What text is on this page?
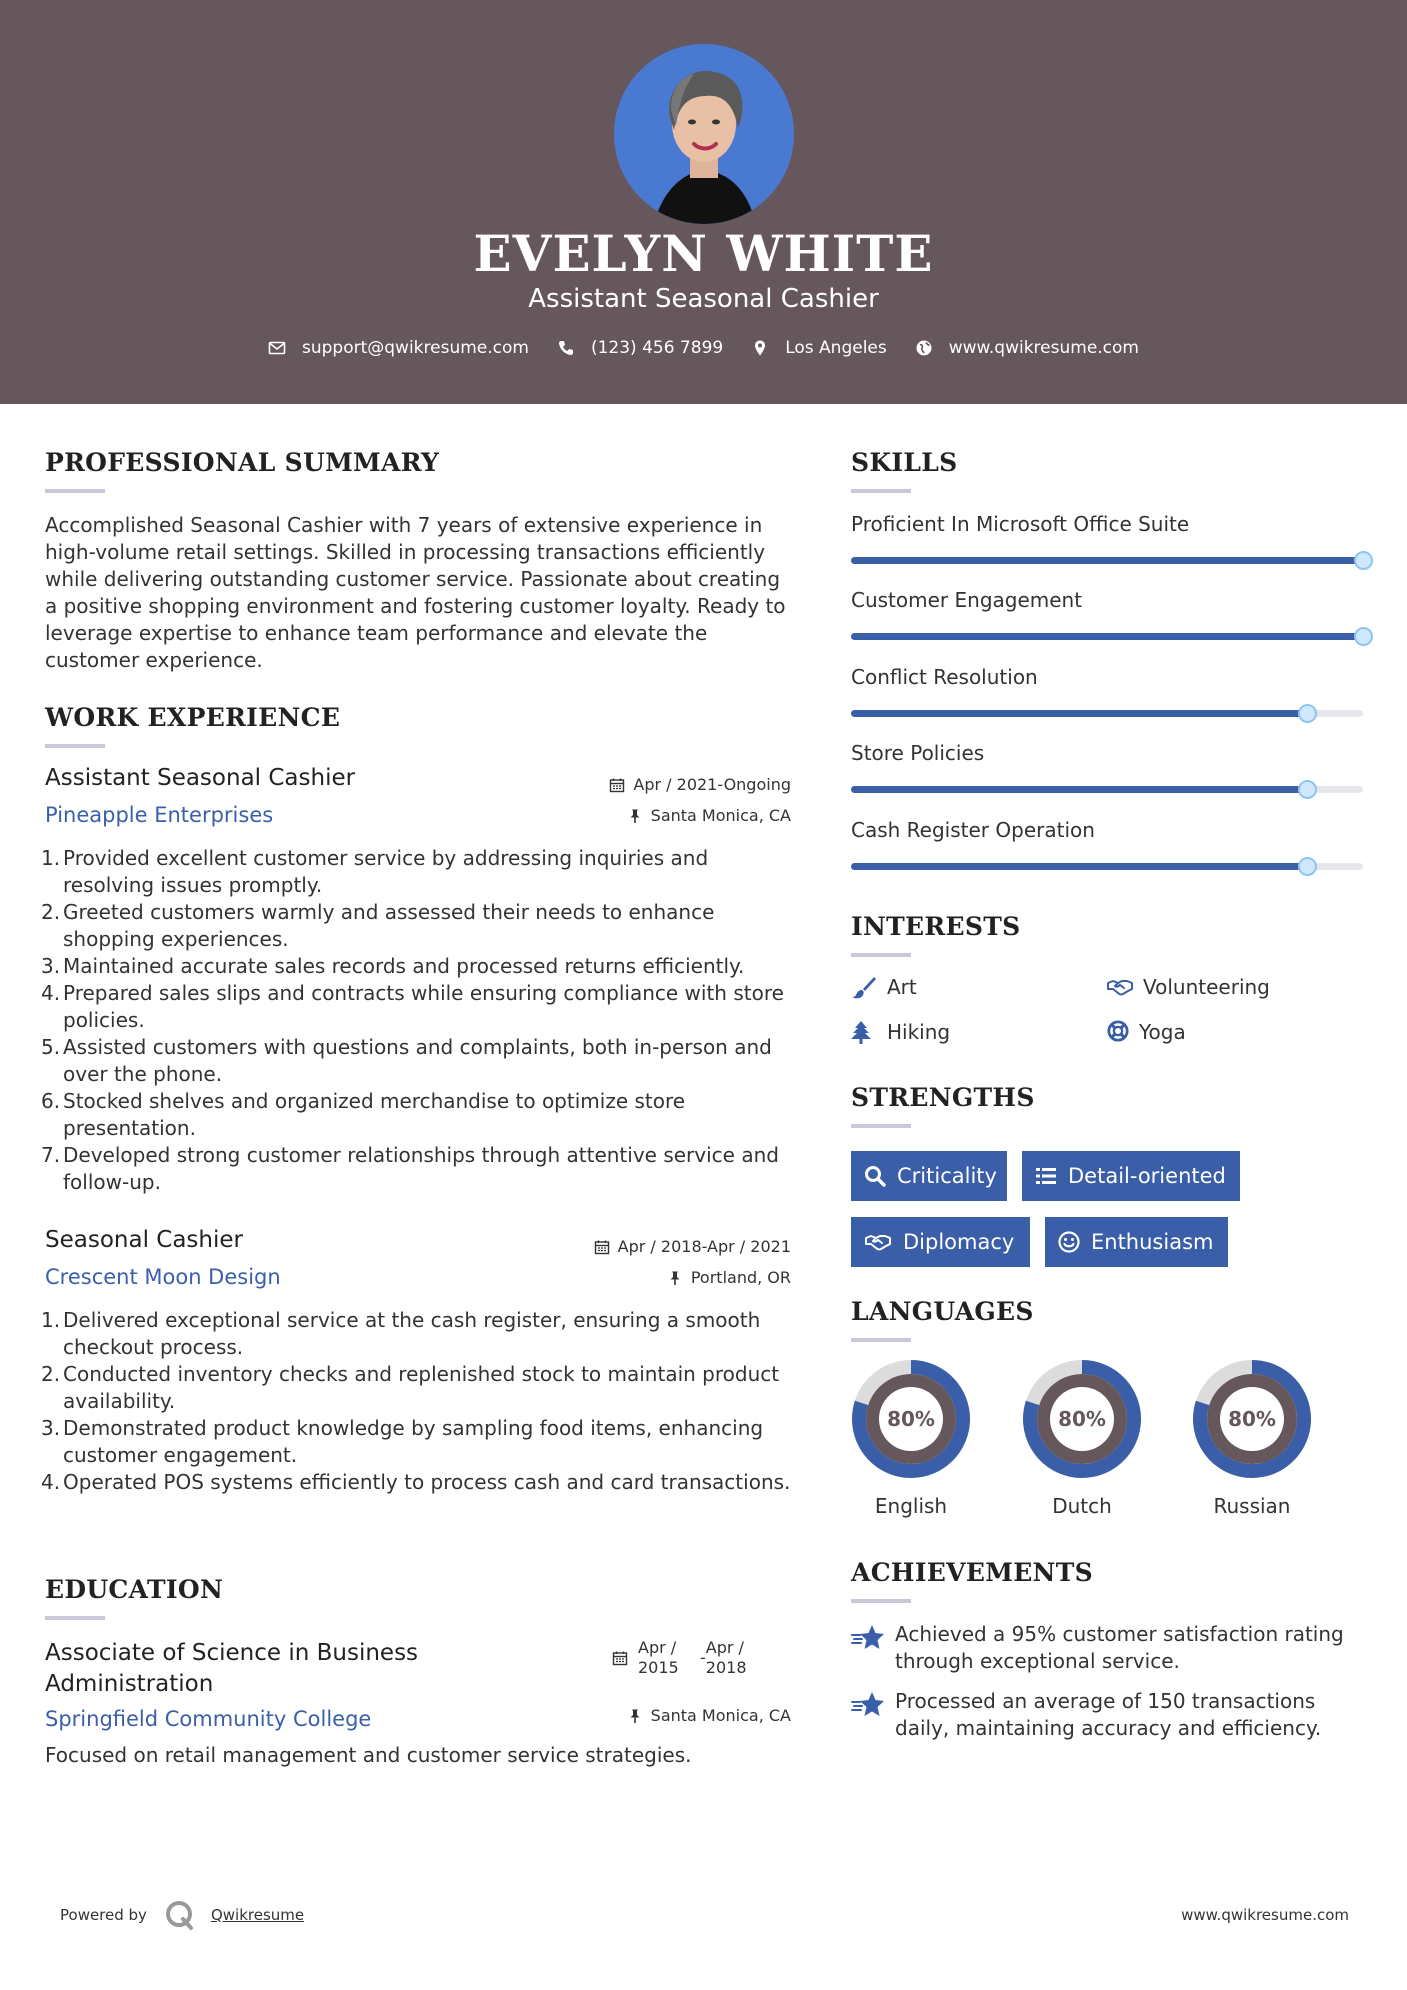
EVELYN WHITE
Assistant Seasonal Cashier
support@qwikresume.com	(123) 456 7899	Los Angeles	www.qwikresume.com
PROFESSIONAL SUMMARY
Accomplished Seasonal Cashier with 7 years of extensive experience in high-volume retail settings. Skilled in processing transactions efficiently while delivering outstanding customer service. Passionate about creating a positive shopping environment and fostering customer loyalty. Ready to leverage expertise to enhance team performance and elevate the customer experience.
WORK EXPERIENCE
Assistant Seasonal Cashier
Pineapple Enterprises
Apr / 2021-Ongoing
Santa Monica, CA
1. Provided excellent customer service by addressing inquiries and resolving issues promptly.
2. Greeted customers warmly and assessed their needs to enhance shopping experiences.
3. Maintained accurate sales records and processed returns efficiently.
4. Prepared sales slips and contracts while ensuring compliance with store policies.
5. Assisted customers with questions and complaints, both in-person and over the phone.
6. Stocked shelves and organized merchandise to optimize store presentation.
7. Developed strong customer relationships through attentive service and follow-up.
Seasonal Cashier
Crescent Moon Design
Apr / 2018-Apr / 2021
Portland, OR
1. Delivered exceptional service at the cash register, ensuring a smooth checkout process.
2. Conducted inventory checks and replenished stock to maintain product availability.
3. Demonstrated product knowledge by sampling food items, enhancing customer engagement.
4. Operated POS systems efficiently to process cash and card transactions.
EDUCATION
Associate of Science in Business
Administration
Springfield Community College
Apr /
2015
-
Apr /
2018
Santa Monica, CA
Focused on retail management and customer service strategies.
SKILLS
Proficient In Microsoft Office Suite
Customer Engagement
Conflict Resolution
Store Policies
Cash Register Operation
INTERESTS
Art	Volunteering
Hiking	Yoga
STRENGTHS
Criticality	Detail-oriented
Diplomacy	Enthusiasm
LANGUAGES
80%
English
80%
Dutch
80%
Russian
ACHIEVEMENTS
Achieved a 95% customer satisfaction rating through exceptional service.
Processed an average of 150 transactions daily, maintaining accuracy and efficiency.
Powered by	Qwikresume	www.qwikresume.com
